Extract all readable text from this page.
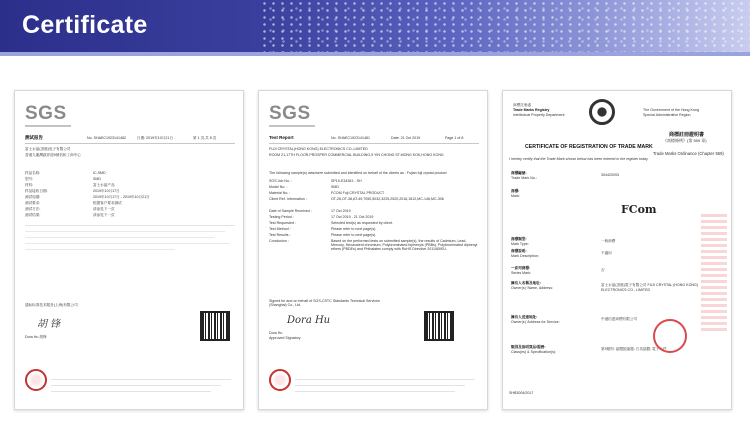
Certificate
SGS
测试报告	No. SHAEC1923141482	日期: 2019年10月21日	第 1 页,共 8 页
富士水晶(香港)电子有限公司
香港九龍灣啟祥道9號信和工商中心
样品名称:	IC,SMD
型号:	SMD
材料:	富士水晶产品
样品接收日期:	2019年10月17日
测试周期:	2019年10月17日 - 2019年10月21日
测试要求:	根据客户要求测试
测试方法:	请参见下一页
测试结果:	请参见下一页
通标标准技术服务(上海)有限公司
胡 锋
Dora Hu 胡锋
SGS
Test Report	No. SHAEC1923141481	Date: 21 Oct 2019	Page 1 of 8
FUJI CRYSTAL(HONG KONG) ELECTRONICS CO.,LIMITED
ROOM 21,17TH FLOOR,PROSPER COMMERCIAL BUILDING,9 YIN CHONG ST.MONG KOK,HONG KONG
The following sample(s) was/were submitted and identified on behalf of the clients as : Fujian fuji crystal product
SGS Job No. :	SP19-E34361 - SH
Model No. :	SMD
Material No. :	FCOM Fuji CRYSTAL PRODUCT
Client Ref. Information :	OT-26,OT-38,AT-49,7050,5032,3225,2520,2016,1612,MC-146,MC-306
Date of Sample Received :	17 Oct 2019
Testing Period :	17 Oct 2019 - 21 Oct 2019
Test Requested :	Selected test(s) as requested by client.
Test Method :	Please refer to next page(s).
Test Results :	Please refer to next page(s).
Conclusion :	Based on the performed tests on submitted sample(s), the results of Cadmium, Lead, Mercury, Hexavalent chromium, Polybrominated biphenyls (PBBs), Polybrominated diphenyl ethers (PBDEs) and Phthalates comply with RoHS Directive 2011/65/EU.
Signed for and on behalf of SGS-CSTC Standards Technical Services (Shanghai) Co., Ltd.
Dora Hu
Dora Hu
Approved Signatory
商標註冊處
Trade Marks Registry
Intellectual Property Department
The Government of the Hong Kong
Special Administrative Region
商標註冊證明書
《商標條例》(第 559 章)
CERTIFICATE OF REGISTRATION OF TRADE MARK
Trade Marks Ordinance (Chapter 559)
I hereby certify that the Trade Mark shown below has been entered in the register today
商標編號:
Trade Mark No.:
304420093
商標:
Mark:
FCom
商標類型:
Mark Type:
一般商標
商標說明:
Mark Description:
不適用
一系列商標:
Series Mark:
否
擁有人名稱及地址:
Owner(s)' Name, Address:
富士水晶(香港)電子有限公司 FUJI CRYSTAL (HONG KONG) ELECTRONICS CO., LIMITED
擁有人送達地址:
Owner(s)' Address for Service:
中港信達商標有限公司
類別及指明貨品/服務:
Class(es) & Specification(s):
第9類別: 晶體振蕩器; 石英晶體; 電子元件
SHB3004/2017
